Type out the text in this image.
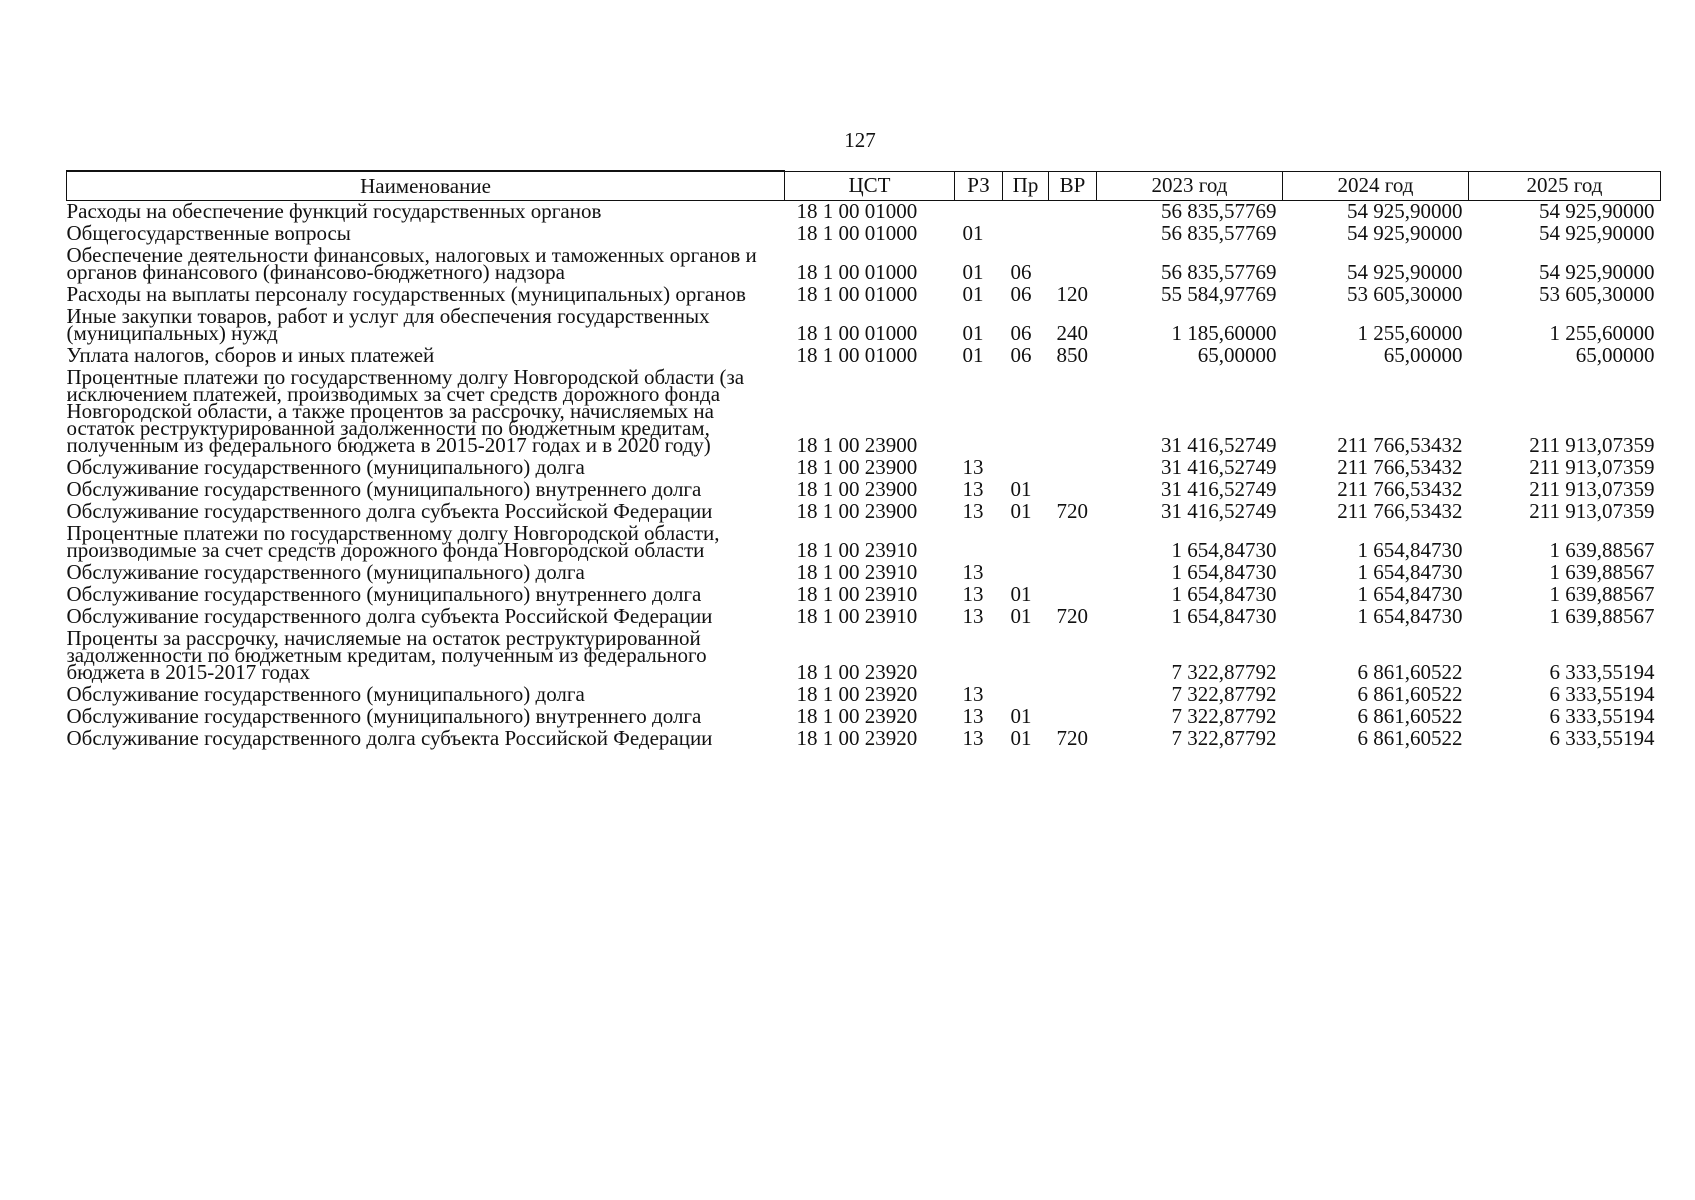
127
Наименование	ЦСТ	РЗ	Пр	ВР	2023 год	2024 год	2025 год
Расходы на обеспечение функций государственных органов	18 1 00 01000				56 835,57769	54 925,90000	54 925,90000
Общегосударственные вопросы	18 1 00 01000	01			56 835,57769	54 925,90000	54 925,90000
Обеспечение деятельности финансовых, налоговых и таможенных органов и органов финансового (финансово-бюджетного) надзора	18 1 00 01000	01	06		56 835,57769	54 925,90000	54 925,90000
Расходы на выплаты персоналу государственных (муниципальных) органов	18 1 00 01000	01	06	120	55 584,97769	53 605,30000	53 605,30000
Иные закупки товаров, работ и услуг для обеспечения государственных (муниципальных) нужд	18 1 00 01000	01	06	240	1 185,60000	1 255,60000	1 255,60000
Уплата налогов, сборов и иных платежей	18 1 00 01000	01	06	850	65,00000	65,00000	65,00000
Процентные платежи по государственному долгу Новгородской области (за исключением платежей, производимых за счет средств дорожного фонда Новгородской области, а также процентов за рассрочку, начисляемых на остаток реструктурированной задолженности по бюджетным кредитам, полученным из федерального бюджета в 2015-2017 годах и в 2020 году)	18 1 00 23900				31 416,52749	211 766,53432	211 913,07359
Обслуживание государственного (муниципального) долга	18 1 00 23900	13			31 416,52749	211 766,53432	211 913,07359
Обслуживание государственного (муниципального) внутреннего долга	18 1 00 23900	13	01		31 416,52749	211 766,53432	211 913,07359
Обслуживание государственного долга субъекта Российской Федерации	18 1 00 23900	13	01	720	31 416,52749	211 766,53432	211 913,07359
Процентные платежи по государственному долгу Новгородской области, производимые за счет средств дорожного фонда Новгородской области	18 1 00 23910				1 654,84730	1 654,84730	1 639,88567
Обслуживание государственного (муниципального) долга	18 1 00 23910	13			1 654,84730	1 654,84730	1 639,88567
Обслуживание государственного (муниципального) внутреннего долга	18 1 00 23910	13	01		1 654,84730	1 654,84730	1 639,88567
Обслуживание государственного долга субъекта Российской Федерации	18 1 00 23910	13	01	720	1 654,84730	1 654,84730	1 639,88567
Проценты за рассрочку, начисляемые на остаток реструктурированной задолженности по бюджетным кредитам, полученным из федерального бюджета в 2015-2017 годах	18 1 00 23920				7 322,87792	6 861,60522	6 333,55194
Обслуживание государственного (муниципального) долга	18 1 00 23920	13			7 322,87792	6 861,60522	6 333,55194
Обслуживание государственного (муниципального) внутреннего долга	18 1 00 23920	13	01		7 322,87792	6 861,60522	6 333,55194
Обслуживание государственного долга субъекта Российской Федерации	18 1 00 23920	13	01	720	7 322,87792	6 861,60522	6 333,55194
